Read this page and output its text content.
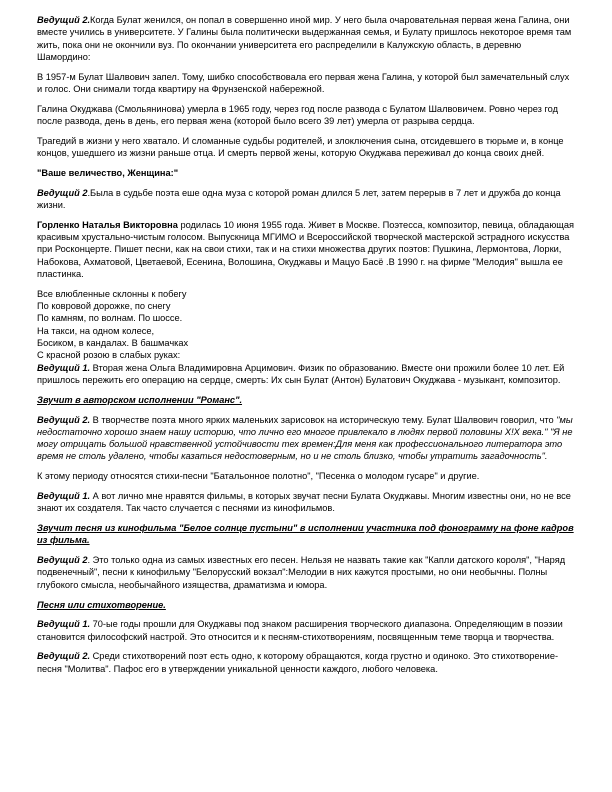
Ведущий 2.Когда Булат женился, он попал в совершенно иной мир. У него была очаровательная первая жена Галина, они вместе учились в университете. У Галины была политически выдержанная семья, и Булату пришлось некоторое время там жить, пока они не окончили вуз. По окончании университета его распределили в Калужскую область, в деревню Шамордино:

В 1957-м Булат Шалвович запел. Тому, шибко способствовала его первая жена Галина, у которой был замечательный слух и голос. Они снимали тогда квартиру на Фрунзенской набережной.

Галина Окуджава (Смольянинова) умерла в 1965 году, через год после развода с Булатом Шалвовичем. Ровно через год после развода, день в день, его первая жена (которой было всего 39 лет) умерла от разрыва сердца.

Трагедий в жизни у него хватало. И сломанные судьбы родителей, и злоключения сына, отсидевшего в тюрьме и, в конце концов, ушедшего из жизни раньше отца. И смерть первой жены, которую Окуджава переживал до конца своих дней.

"Ваше величество, Женщина:"

Ведущий 2.Была в судьбе поэта еше одна муза с которой роман длился 5 лет, затем перерыв в 7 лет и дружба до конца жизни.

Горленко Наталья Викторовна родилась 10 июня 1955 года. Живет в Москве. Поэтесса, композитор, певица, обладающая красивым хрустально-чистым голосом. Выпускница МГИМО и Всероссийской творческой мастерской эстрадного искусства при Росконцерте. Пишет песни, как на свои стихи, так и на стихи множества других поэтов: Пушкина, Лермонтова, Лорки, Набокова, Ахматовой, Цветаевой, Есенина, Волошина, Окуджавы и Мацуо Басё .В 1990 г. на фирме "Мелодия" вышла ее пластинка.

Все влюбленные склонны к побегу
По ковровой дорожке, по снегу
По камням, по волнам. По шоссе.
На такси, на одном колесе,
Босиком, в кандалах. В башмачках
С красной розою в слабых руках:

Ведущий 1. Вторая жена Ольга Владимировна Арцимович. Физик по образованию. Вместе они прожили более 10 лет. Ей пришлось пережить его операцию на сердце, смерть: Их сын Булат (Антон) Булатович Окуджава - музыкант, композитор.

Звучит в авторском исполнении "Романс".

Ведущий 2. В творчестве поэта много ярких маленьких зарисовок на историческую тему. Булат Шалвович говорил, что "мы недостаточно хорошо знаем нашу историю, что лично его многое привлекало в людях первой половины X!X века." "Я не могу отрицать большой нравственной устойчивости тех времен:Для меня как профессионального литератора это время не столь удалено, чтобы казаться недостоверным, но и не столь близко, чтобы утратить загадочность".

К этому периоду относятся стихи-песни "Батальонное полотно", "Песенка о молодом гусаре" и другие.

Ведущий 1. А вот лично мне нравятся фильмы, в которых звучат песни Булата Окуджавы. Многим известны они, но не все знают их создателя. Так часто случается с песнями из кинофильмов.

Звучит песня из кинофильма "Белое солнце пустыни" в исполнении участника под фонограмму на фоне кадров из фильма.

Ведущий 2. Это только одна из самых известных его песен. Нельзя не назвать такие как "Капли датского короля", "Наряд подвенечный", песни к кинофильму "Белорусский вокзал":Мелодии в них кажутся простыми, но они необычны. Полны глубокого смысла, необычайного изящества, драматизма и юмора.

Песня или стихотворение.

Ведущий 1. 70-ые годы прошли для Окуджавы под знаком расширения творческого диапазона. Определяющим в поэзии становится философский настрой. Это относится и к песням-стихотворениям, посвященным теме творца и творчества.

Ведущий 2. Среди стихотворений поэт есть одно, к которому обращаются, когда грустно и одиноко. Это стихотворение-песня "Молитва". Пафос его в утверждении уникальной ценности каждого, любого человека.
